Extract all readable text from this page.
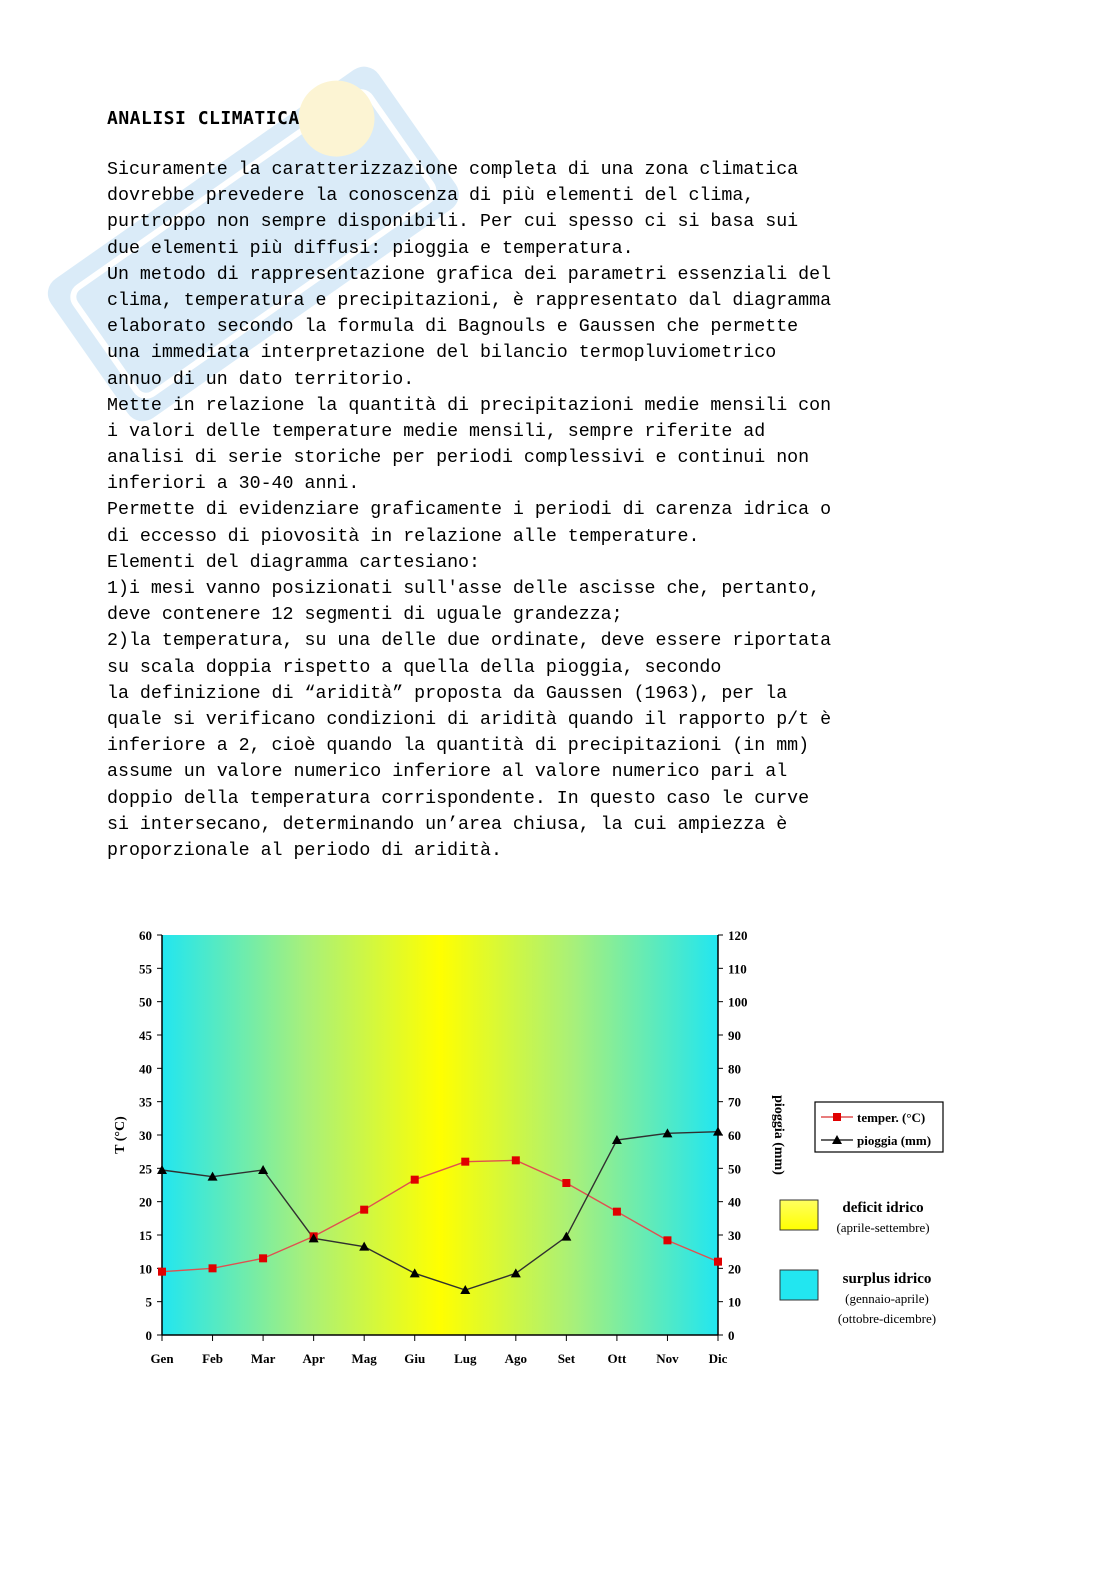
ANALISI CLIMATICA
Sicuramente la caratterizzazione completa di una zona climatica
dovrebbe prevedere la conoscenza di più elementi del clima,
purtroppo non sempre disponibili. Per cui spesso ci si basa sui
due elementi più diffusi: pioggia e temperatura.
Un metodo di rappresentazione grafica dei parametri essenziali del
clima, temperatura e precipitazioni, è rappresentato dal diagramma
elaborato secondo la formula di Bagnouls e Gaussen che permette
una immediata interpretazione del bilancio termopluviometrico
annuo di un dato territorio.
Mette in relazione la quantità di precipitazioni medie mensili con
i valori delle temperature medie mensili, sempre riferite ad
analisi di serie storiche per periodi complessivi e continui non
inferiori a 30-40 anni.
Permette di evidenziare graficamente i periodi di carenza idrica o
di eccesso di piovosità in relazione alle temperature.
Elementi del diagramma cartesiano:
1)i mesi vanno posizionati sull'asse delle ascisse che, pertanto,
deve contenere 12 segmenti di uguale grandezza;
2)la temperatura, su una delle due ordinate, deve essere riportata
su scala doppia rispetto a quella della pioggia, secondo
la definizione di “aridità” proposta da Gaussen (1963), per la
quale si verificano condizioni di aridità quando il rapporto p/t è
inferiore a 2, cioè quando la quantità di precipitazioni (in mm)
assume un valore numerico inferiore al valore numerico pari al
doppio della temperatura corrispondente. In questo caso le curve
si intersecano, determinando un’area chiusa, la cui ampiezza è
proporzionale al periodo di aridità.
0
5
10
15
20
25
30
35
40
45
50
55
60
0
10
20
30
40
50
60
70
80
90
100
110
120
Gen Feb Mar Apr Mag Giu Lug Ago Set Ott Nov Dic
T (°C)	pioggia (mm)	temper. (°C)
pioggia (mm)
deficit idrico
(aprile-settembre)
surplus idrico
(gennaio-aprile)
(ottobre-dicembre)
